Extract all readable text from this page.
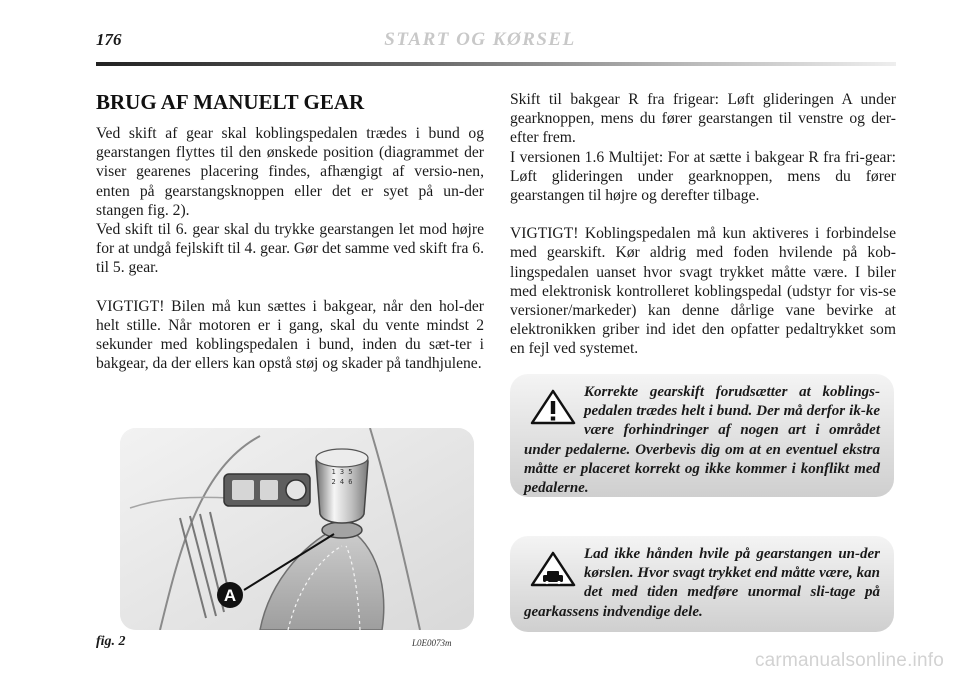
176	START OG KØRSEL
BRUG AF MANUELT GEAR

Ved skift af gear skal koblingspedalen trædes i bund og gearstangen flyttes til den ønskede position (diagrammet der viser gearenes placering findes, afhængigt af versio-nen, enten på gearstangsknoppen eller det er syet på un-der stangen fig. 2).

Ved skift til 6. gear skal du trykke gearstangen let mod højre for at undgå fejlskift til 4. gear. Gør det samme ved skift fra 6. til 5. gear.

VIGTIGT! Bilen må kun sættes i bakgear, når den hol-der helt stille. Når motoren er i gang, skal du vente mindst 2 sekunder med koblingspedalen i bund, inden du sæt-ter i bakgear, da der ellers kan opstå støj og skader på tandhjulene.

Skift til bakgear R fra frigear: Løft glideringen A under gearknoppen, mens du fører gearstangen til venstre og der-efter frem.

I versionen 1.6 Multijet: For at sætte i bakgear R fra fri-gear: Løft glideringen under gearknoppen, mens du fører gearstangen til højre og derefter tilbage.

VIGTIGT! Koblingspedalen må kun aktiveres i forbindelse med gearskift. Kør aldrig med foden hvilende på kob-lingspedalen uanset hvor svagt trykket måtte være. I biler med elektronisk kontrolleret koblingspedal (udstyr for vis-se versioner/markeder) kan denne dårlige vane bevirke at elektronikken griber ind idet den opfatter pedaltrykket som en fejl ved systemet.

Korrekte gearskift forudsætter at koblings-pedalen trædes helt i bund. Der må derfor ik-ke være forhindringer af nogen art i området under pedalerne. Overbevis dig om at en eventuel ekstra måtte er placeret korrekt og ikke kommer i konflikt med pedalerne.
Lad ikke hånden hvile på gearstangen un-der kørslen. Hvor svagt trykket end måtte være, kan det med tiden medføre unormal sli-tage på gearkassens indvendige dele.
1 3 5
2 4 6
A
fig. 2	L0E0073m
carmanualsonline.info
